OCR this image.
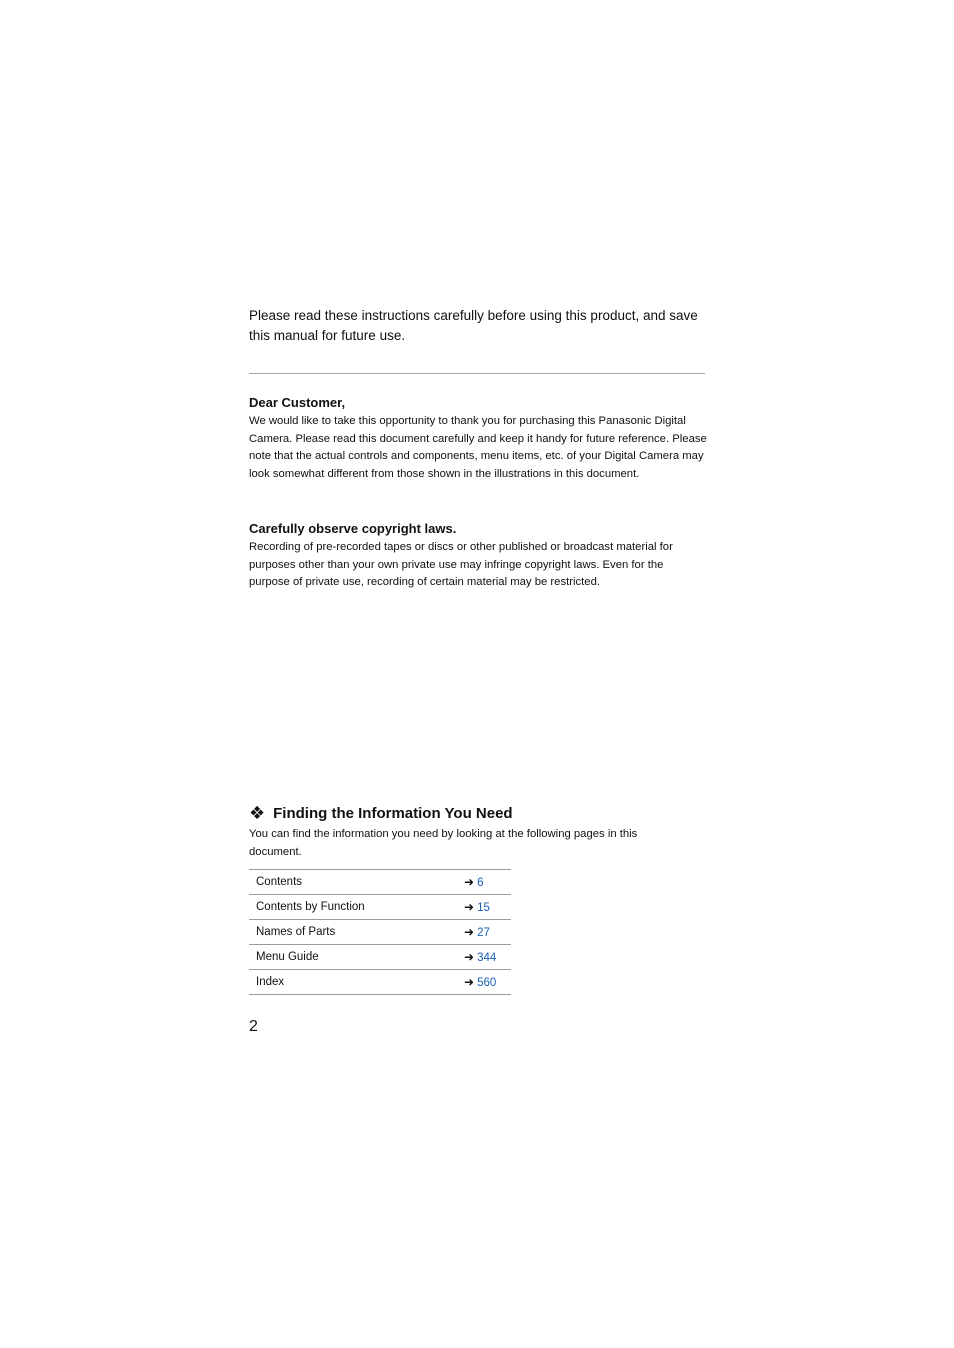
Please read these instructions carefully before using this product, and save this manual for future use.

Dear Customer,

We would like to take this opportunity to thank you for purchasing this Panasonic Digital Camera. Please read this document carefully and keep it handy for future reference. Please note that the actual controls and components, menu items, etc. of your Digital Camera may look somewhat different from those shown in the illustrations in this document.

Carefully observe copyright laws.

Recording of pre-recorded tapes or discs or other published or broadcast material for purposes other than your own private use may infringe copyright laws. Even for the purpose of private use, recording of certain material may be restricted.

❖ Finding the Information You Need

You can find the information you need by looking at the following pages in this document.

Contents	➜ 6
Contents by Function	➜ 15
Names of Parts	➜ 27
Menu Guide	➜ 344
Index	➜ 560

2
